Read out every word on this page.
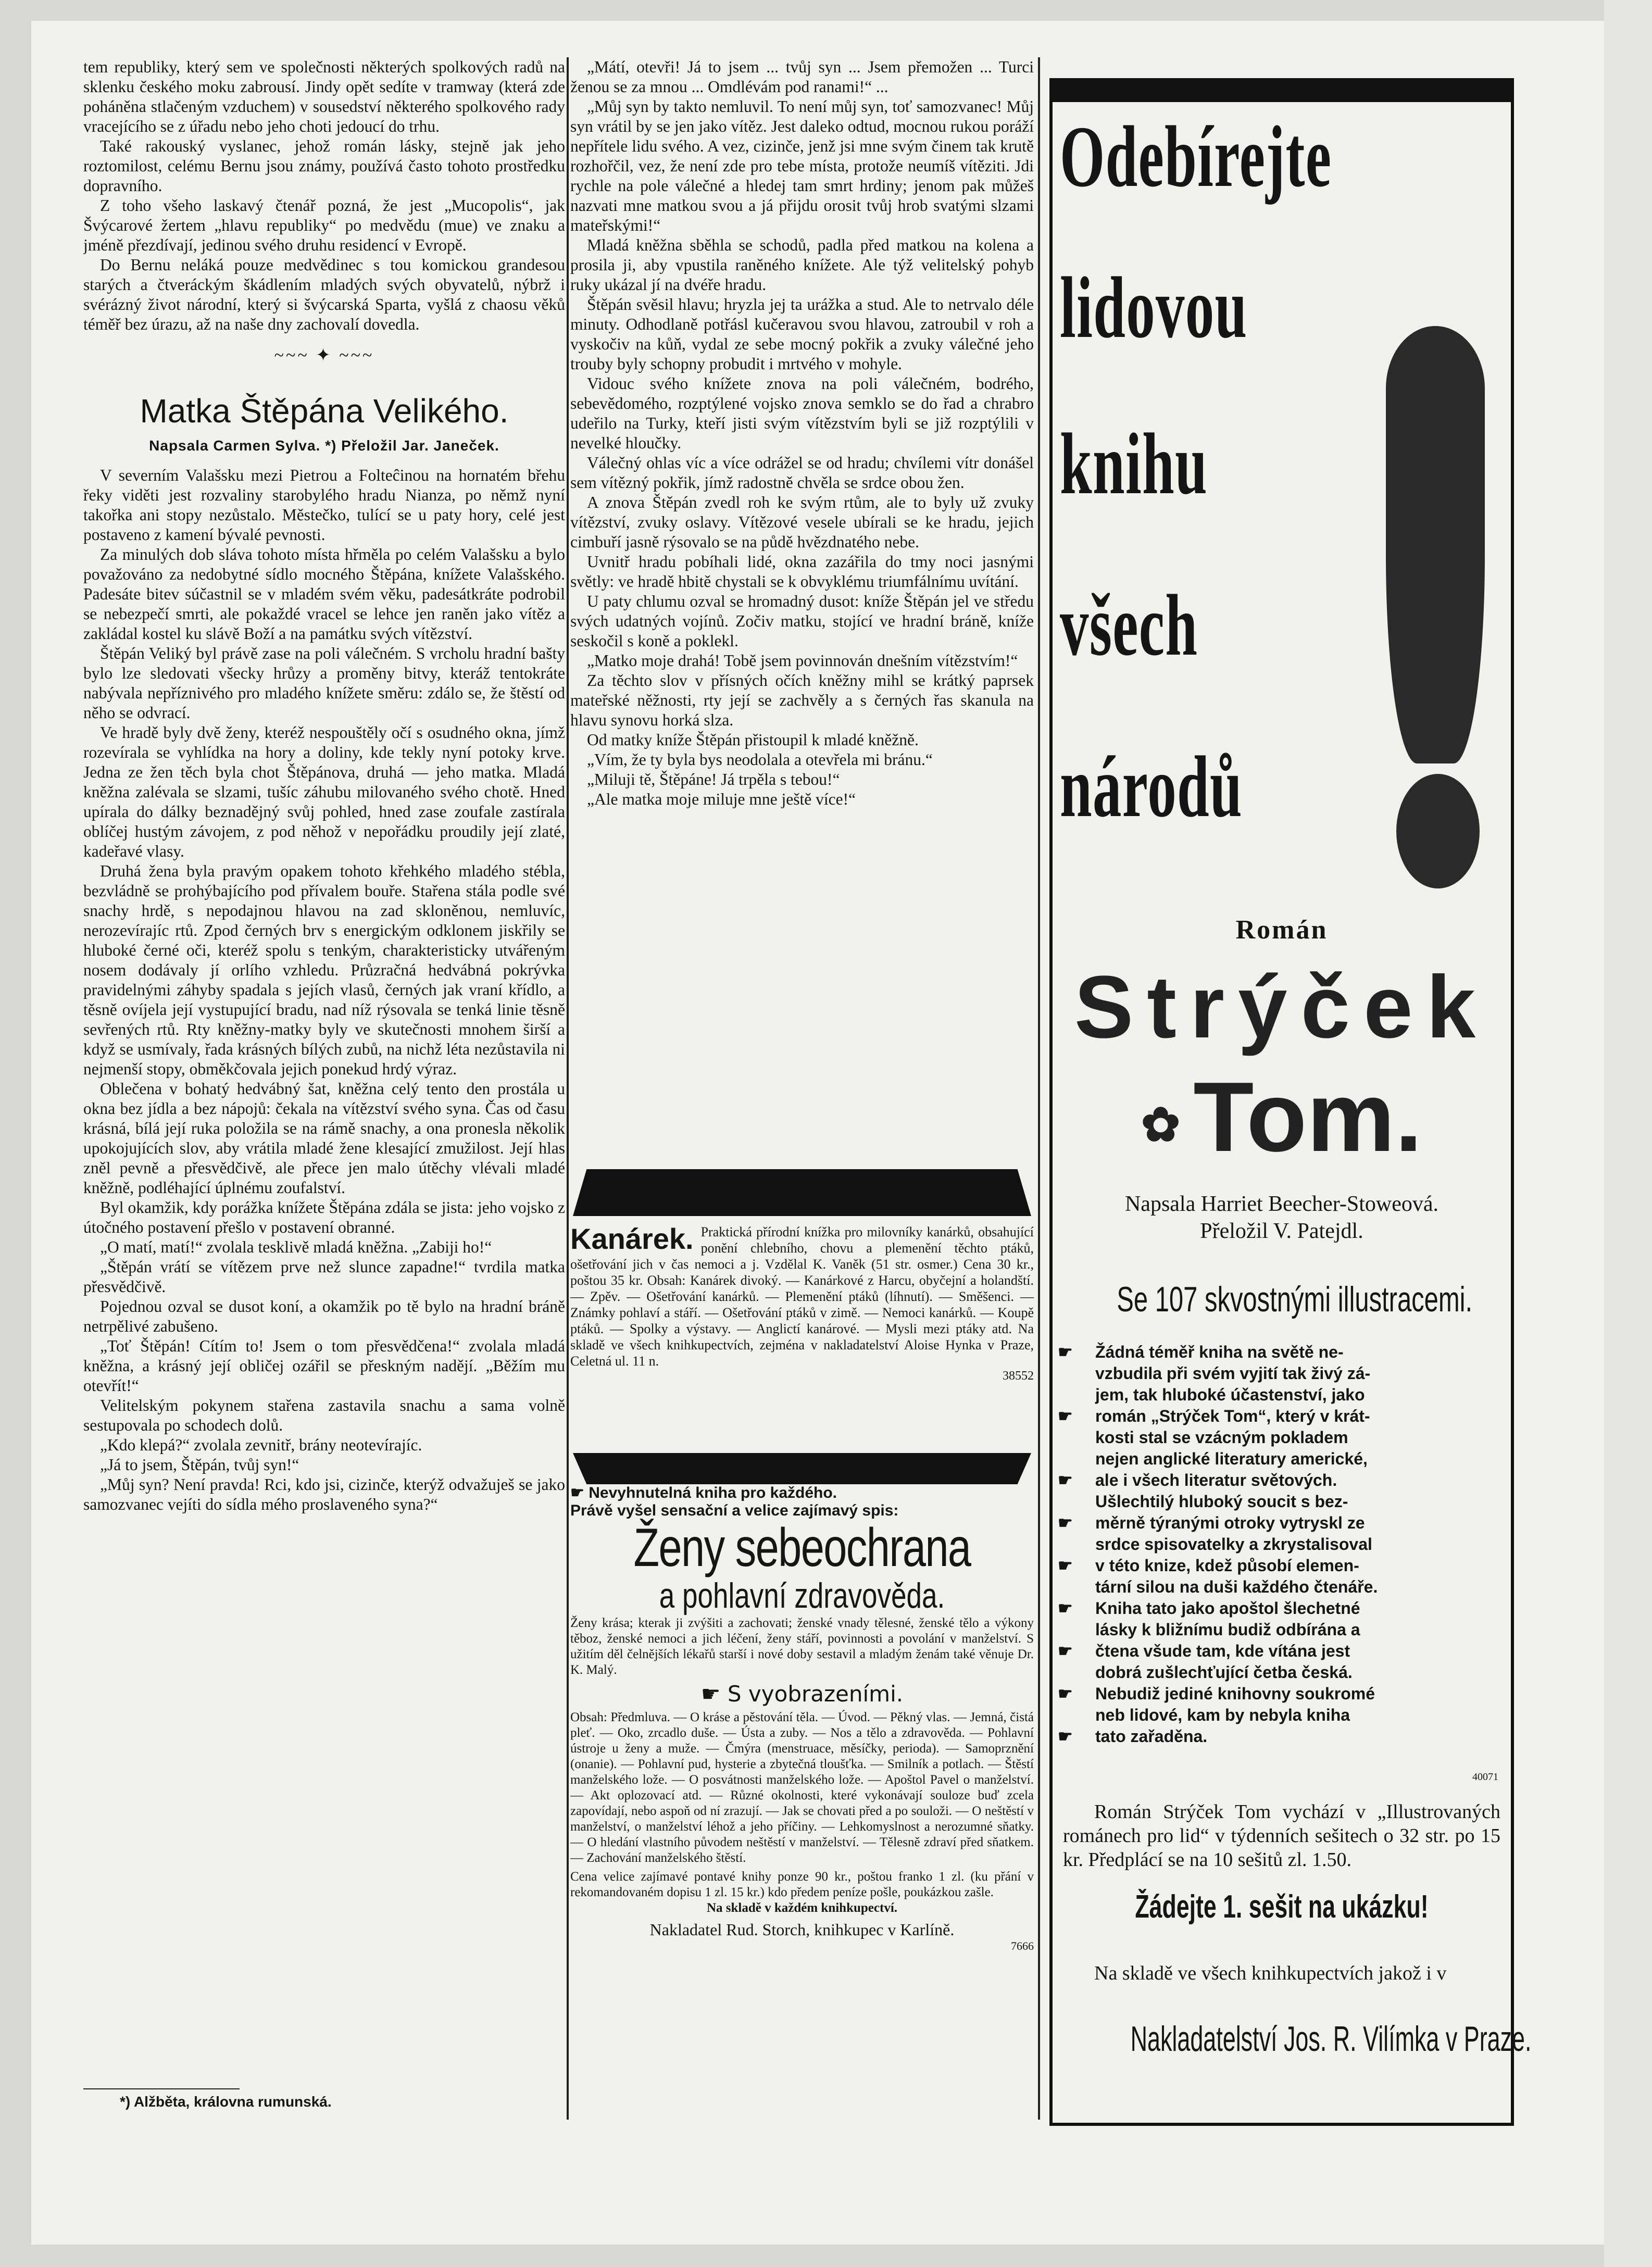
tem republiky, který sem ve společnosti některých spolkových radů na sklenku českého moku zabrousí. Jindy opět sedíte v tramway (která zde poháněna stlačeným vzduchem) v sousedství některého spolkového rady vracejícího se z úřadu nebo jeho choti jedoucí do trhu.

Také rakouský vyslanec, jehož román lásky, stejně jak jeho roztomilost, celému Bernu jsou známy, používá často tohoto prostředku dopravního.

Z toho všeho laskavý čtenář pozná, že jest „Mucopolis“, jak Švýcarové žertem „hlavu republiky“ po medvědu (mue) ve znaku a jméně přezdívají, jedinou svého druhu residencí v Evropě.

Do Bernu neláká pouze medvědinec s tou komickou grandesou starých a čtveráckým škádlením mladých svých obyvatelů, nýbrž i svérázný život národní, který si švýcarská Sparta, vyšlá z chaosu věků téměř bez úrazu, až na naše dny zachovalí dovedla.

~~~ ✦ ~~~
Matka Štěpána Velikého.
Napsala Carmen Sylva. *) Přeložil Jar. Janeček.

V severním Valašsku mezi Pietrou a Folteĉinou na hornatém břehu řeky viděti jest rozvaliny starobylého hradu Nianza, po němž nyní takořka ani stopy nezůstalo. Městečko, tulící se u paty hory, celé jest postaveno z kamení bývalé pevnosti.

Za minulých dob sláva tohoto místa hřměla po celém Valašsku a bylo považováno za nedobytné sídlo mocného Štěpána, knížete Valašského. Padesáte bitev súčastnil se v mladém svém věku, padesátkráte podrobil se nebezpečí smrti, ale pokaždé vracel se lehce jen raněn jako vítěz a zakládal kostel ku slávě Boží a na památku svých vítězství.

Štěpán Veliký byl právě zase na poli válečném. S vrcholu hradní bašty bylo lze sledovati všecky hrůzy a proměny bitvy, kteráž tentokráte nabývala nepříznivého pro mladého knížete směru: zdálo se, že štěstí od něho se odvrací.

Ve hradě byly dvě ženy, kteréž nespouštěly očí s osudného okna, jímž rozevírala se vyhlídka na hory a doliny, kde tekly nyní potoky krve. Jedna ze žen těch byla chot Štěpánova, druhá — jeho matka. Mladá kněžna zalévala se slzami, tušíc záhubu milovaného svého chotě. Hned upírala do dálky beznadějný svůj pohled, hned zase zoufale zastírala oblíčej hustým závojem, z pod něhož v nepořádku proudily její zlaté, kadeřavé vlasy.

Druhá žena byla pravým opakem tohoto křehkého mladého stébla, bezvládně se prohýbajícího pod přívalem bouře. Stařena stála podle své snachy hrdě, s nepodajnou hlavou na zad skloněnou, nemluvíc, nerozevírajíc rtů. Zpod černých brv s energickým odklonem jiskřily se hluboké černé oči, kteréž spolu s tenkým, charakteristicky utvářeným nosem dodávaly jí orlího vzhledu. Průzračná hedvábná pokrývka pravidelnými záhyby spadala s jejích vlasů, černých jak vraní křídlo, a těsně ovíjela její vystupující bradu, nad níž rýsovala se tenká linie těsně sevřených rtů. Rty kněžny-matky byly ve skutečnosti mnohem širší a když se usmívaly, řada krásných bílých zubů, na nichž léta nezůstavila ni nejmenší stopy, obměkčovala jejich ponekud hrdý výraz.

Oblečena v bohatý hedvábný šat, kněžna celý tento den prostála u okna bez jídla a bez nápojů: čekala na vítězství svého syna. Čas od času krásná, bílá její ruka položila se na rámě snachy, a ona pronesla několik upokojujících slov, aby vrátila mladé žene klesající zmužilost. Její hlas zněl pevně a přesvědčivě, ale přece jen malo útěchy vlévali mladé kněžně, podléhající úplnému zoufalství.

Byl okamžik, kdy porážka knížete Štěpána zdála se jista: jeho vojsko z útočného postavení přešlo v postavení obranné.

„O matí, matí!“ zvolala tesklivě mladá kněžna. „Zabiji ho!“

„Štěpán vrátí se vítězem prve než slunce zapadne!“ tvrdila matka přesvědčivě.

Pojednou ozval se dusot koní, a okamžik po tě bylo na hradní bráně netrpělivé zabušeno.

„Toť Štěpán! Cítím to! Jsem o tom přesvědčena!“ zvolala mladá kněžna, a krásný její obličej ozářil se přeskným nadějí. „Běžím mu otevřít!“

Velitelským pokynem stařena zastavila snachu a sama volně sestupovala po schodech dolů.

„Kdo klepá?“ zvolala zevnitř, brány neotevírajíc.

„Já to jsem, Štěpán, tvůj syn!“

„Můj syn? Není pravda! Rci, kdo jsi, cizinče, kterýž odvažuješ se jako samozvanec vejíti do sídla mého proslaveného syna?“

*) Alžběta, královna rumunská.

„Mátí, otevři! Já to jsem ... tvůj syn ... Jsem přemožen ... Turci ženou se za mnou ... Omdlévám pod ranami!“ ...

„Můj syn by takto nemluvil. To není můj syn, toť samozvanec! Můj syn vrátil by se jen jako vítěz. Jest daleko odtud, mocnou rukou poráží nepřítele lidu svého. A vez, cizinče, jenž jsi mne svým činem tak krutě rozhořčil, vez, že není zde pro tebe místa, protože neumíš vítěziti. Jdi rychle na pole válečné a hledej tam smrt hrdiny; jenom pak můžeš nazvati mne matkou svou a já přijdu orosit tvůj hrob svatými slzami mateřskými!“

Mladá kněžna sběhla se schodů, padla před matkou na kolena a prosila ji, aby vpustila raněného knížete. Ale týž velitelský pohyb ruky ukázal jí na dvéře hradu.

Štěpán svěsil hlavu; hryzla jej ta urážka a stud. Ale to netrvalo déle minuty. Odhodlaně potřásl kučeravou svou hlavou, zatroubil v roh a vyskočiv na kůň, vydal ze sebe mocný pokřik a zvuky válečné jeho trouby byly schopny probudit i mrtvého v mohyle.

Vidouc svého knížete znova na poli válečném, bodrého, sebevědomého, rozptýlené vojsko znova semklo se do řad a chrabro udeřilo na Turky, kteří jisti svým vítězstvím byli se již rozptýlili v nevelké hloučky.

Válečný ohlas víc a více odrážel se od hradu; chvílemi vítr donášel sem vítězný pokřik, jímž radostně chvěla se srdce obou žen.

A znova Štěpán zvedl roh ke svým rtům, ale to byly už zvuky vítězství, zvuky oslavy. Vítězové vesele ubírali se ke hradu, jejich cimbuří jasně rýsovalo se na půdě hvězdnatého nebe.

Uvnitř hradu pobíhali lidé, okna zazářila do tmy noci jasnými světly: ve hradě hbitě chystali se k obvyklému triumfálnímu uvítání.

U paty chlumu ozval se hromadný dusot: kníže Štěpán jel ve středu svých udatných vojínů. Zočiv matku, stojící ve hradní bráně, kníže seskočil s koně a poklekl.

„Matko moje drahá! Tobě jsem povinnován dnešním vítězstvím!“

Za těchto slov v přísných očích kněžny mihl se krátký paprsek mateřské něžnosti, rty její se zachvěly a s černých řas skanula na hlavu synovu horká slza.

Od matky kníže Štěpán přistoupil k mladé kněžně.

„Vím, že ty byla bys neodolala a otevřela mi bránu.“

„Miluji tě, Štěpáne! Já trpěla s tebou!“

„Ale matka moje miluje mne ještě více!“

Kanárek. Praktická přírodní knížka pro milovníky kanárků, obsahující ponění chlebního, chovu a plemenění těchto ptáků, ošetřování jich v čas nemoci a j. Vzdělal K. Vaněk (51 str. osmer.) Cena 30 kr., poštou 35 kr. Obsah: Kanárek divoký. — Kanárkové z Harcu, obyčejní a holandští. — Zpěv. — Ošetřování kanárků. — Plemenění ptáků (líhnutí). — Směšenci. — Známky pohlaví a stáří. — Ošetřování ptáků v zimě. — Nemoci kanárků. — Koupě ptáků. — Spolky a výstavy. — Anglictí kanárové. — Mysli mezi ptáky atd. Na skladě ve všech knihkupectvích, zejména v nakladatelství Aloise Hynka v Praze, Celetná ul. 11 n.

38552
☛ Nevyhnutelná kniha pro každého.
Právě vyšel sensační a velice zajímavý spis:
Ženy sebeochrana
a pohlavní zdravověda.

Ženy krása; kterak ji zvýšiti a zachovati; ženské vnady tělesné, ženské tělo a výkony těboz, ženské nemoci a jich léčení, ženy stáří, povinnosti a povolání v manželství. S užitím děl čelnějších lékařů starší i nové doby sestavil a mladým ženám také věnuje Dr. K. Malý.

☛ S vyobrazeními.

Obsah: Předmluva. — O kráse a pěstování těla. — Úvod. — Pěkný vlas. — Jemná, čistá pleť. — Oko, zrcadlo duše. — Ústa a zuby. — Nos a tělo a zdravověda. — Pohlavní ústroje u ženy a muže. — Čmýra (menstruace, měsíčky, perioda). — Samoprznění (onanie). — Pohlavní pud, hysterie a zbytečná tloušťka. — Smilník a potlach. — Štěstí manželského lože. — O posvátnosti manželského lože. — Apoštol Pavel o manželství. — Akt oplozovací atd. — Různé okolnosti, které vykonávají souloze buď zcela zapovídají, nebo aspoň od ní zrazují. — Jak se chovati před a po souloži. — O neštěstí v manželství, o manželství léhož a jeho příčiny. — Lehkomyslnost a nerozumné sňatky. — O hledání vlastního původem neštěstí v manželství. — Tělesně zdraví před sňatkem. — Zachování manželského štěstí.

Cena velice zajímavé pontavé knihy ponze 90 kr., poštou franko 1 zl. (ku přání v rekomandovaném dopisu 1 zl. 15 kr.) kdo předem peníze pošle, poukázkou zašle.

Na skladě v každém knihkupectví.

Nakladatel Rud. Storch, knihkupec v Karlíně.
7666
Odebírejte
lidovou
knihu
všech
národů
Román
Strýček
✿ Tom.
Napsala Harriet Beecher-Stoweová.
Přeložil V. Patejdl.
Se 107 skvostnými illustracemi.
☛	Žádná téměř kniha na světě ne-
vzbudila při svém vyjití tak živý zá-
jem, tak hluboké účastenství, jako
☛	román „Strýček Tom“, který v krát-
kosti stal se vzácným pokladem
nejen anglické literatury americké,
☛	ale i všech literatur světových.
Ušlechtilý hluboký soucit s bez-
☛	měrně týranými otroky vytryskl ze
srdce spisovatelky a zkrystalisoval
☛	v této knize, kdež působí elemen-
tární silou na duši každého čtenáře.
☛	Kniha tato jako apoštol šlechetné
lásky k bližnímu budiž odbírána a
☛	čtena všude tam, kde vítána jest
dobrá zušlechťující četba česká.
☛	Nebudiž jediné knihovny soukromé
neb lidové, kam by nebyla kniha
☛	tato zařaděna.
40071
Román Strýček Tom vychází v „Illustrovaných románech pro lid“ v týdenních sešitech o 32 str. po 15 kr. Předplácí se na 10 sešitů zl. 1.50.
Žádejte 1. sešit na ukázku!
Na skladě ve všech knihkupectvích jakož i v
Nakladatelství Jos. R. Vilímka v Praze.
